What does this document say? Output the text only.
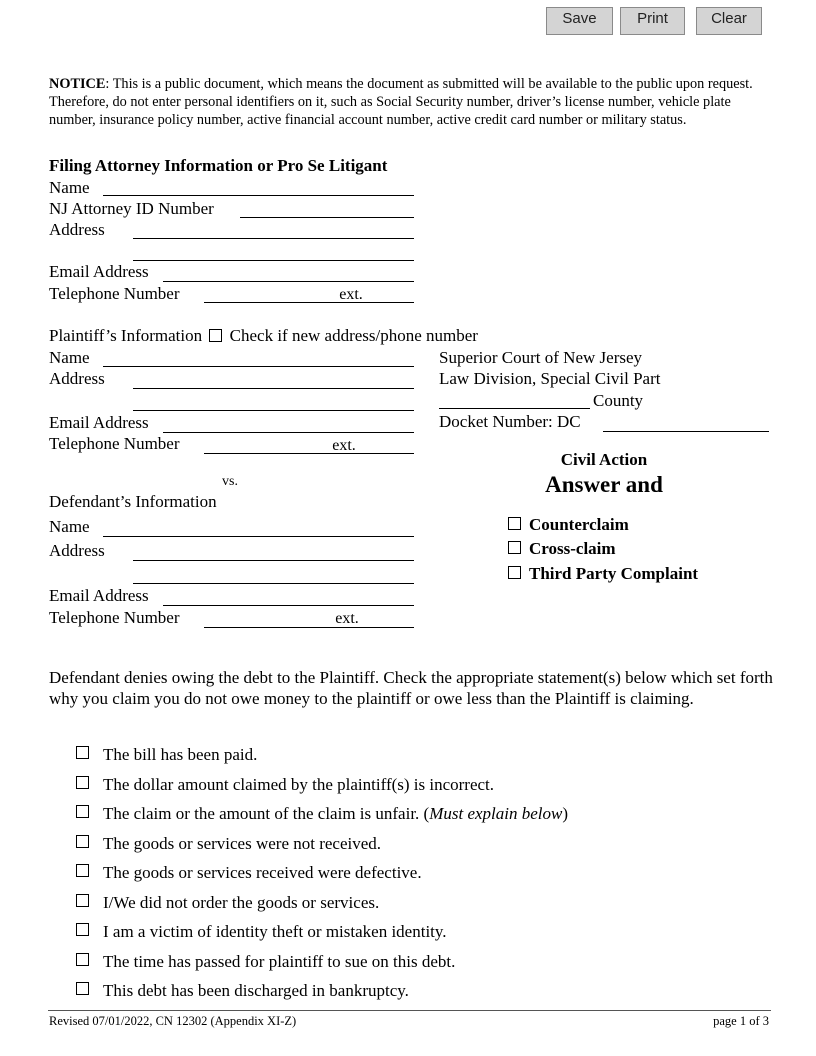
Save	Print	Clear
NOTICE: This is a public document, which means the document as submitted will be available to the public upon request. Therefore, do not enter personal identifiers on it, such as Social Security number, driver’s license number, vehicle plate number, insurance policy number, active financial account number, active credit card number or military status.
Filing Attorney Information or Pro Se Litigant
Name
NJ Attorney ID Number
Address
Email Address
Telephone Number	ext.
Plaintiff’s Information Check if new address/phone number
Name
Address
Email Address
Telephone Number	ext.
Superior Court of New Jersey
Law Division, Special Civil Part
County
Docket Number: DC
vs.
Civil Action
Answer and
Counterclaim
Cross-claim
Third Party Complaint
Defendant’s Information
Name
Address
Email Address
Telephone Number	ext.
Defendant denies owing the debt to the Plaintiff. Check the appropriate statement(s) below which set forth why you claim you do not owe money to the plaintiff or owe less than the Plaintiff is claiming.
The bill has been paid.
The dollar amount claimed by the plaintiff(s) is incorrect.
The claim or the amount of the claim is unfair. (Must explain below)
The goods or services were not received.
The goods or services received were defective.
I/We did not order the goods or services.
I am a victim of identity theft or mistaken identity.
The time has passed for plaintiff to sue on this debt.
This debt has been discharged in bankruptcy.
Revised 07/01/2022, CN 12302 (Appendix XI-Z)	page 1 of 3
